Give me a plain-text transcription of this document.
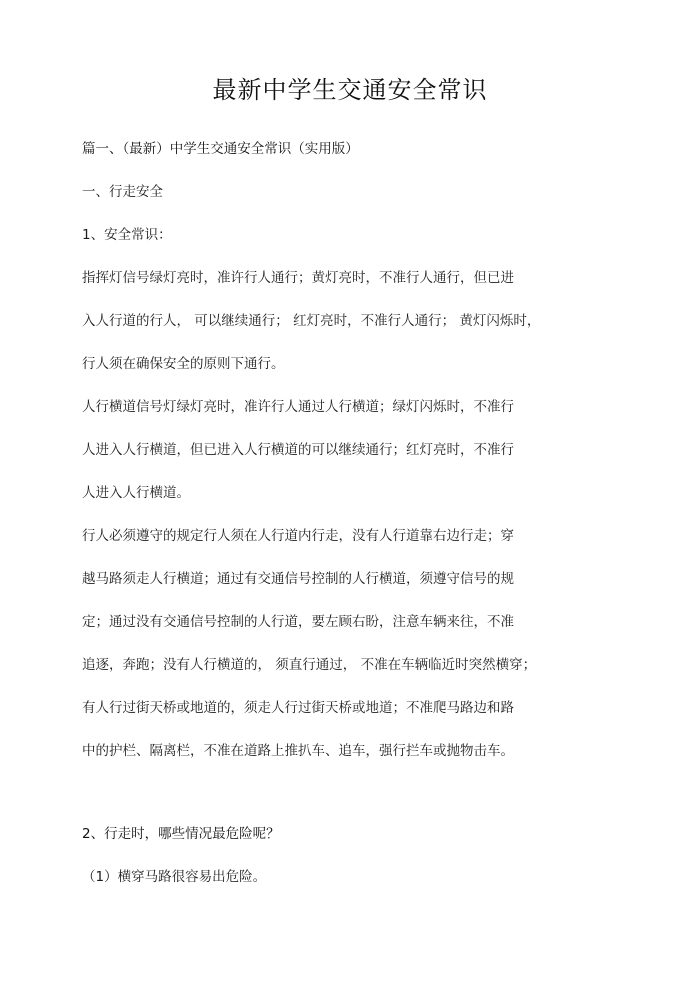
最新中学生交通安全常识
篇一、（最新）中学生交通安全常识（实用版）
一、行走安全
1、安全常识：
指挥灯信号绿灯亮时，准许行人通行；黄灯亮时，不准行人通行，但已进
入人行道的行人， 可以继续通行； 红灯亮时，不准行人通行； 黄灯闪烁时，
行人须在确保安全的原则下通行。
人行横道信号灯绿灯亮时，准许行人通过人行横道；绿灯闪烁时，不准行
人进入人行横道，但已进入人行横道的可以继续通行；红灯亮时，不准行
人进入人行横道。
行人必须遵守的规定行人须在人行道内行走，没有人行道靠右边行走；穿
越马路须走人行横道；通过有交通信号控制的人行横道，须遵守信号的规
定；通过没有交通信号控制的人行道，要左顾右盼，注意车辆来往，不准
追逐，奔跑；没有人行横道的， 须直行通过， 不准在车辆临近时突然横穿；
有人行过街天桥或地道的，须走人行过街天桥或地道；不准爬马路边和路
中的护栏、隔离栏，不准在道路上推扒车、追车，强行拦车或抛物击车。
2、行走时，哪些情况最危险呢？
（1）横穿马路很容易出危险。
